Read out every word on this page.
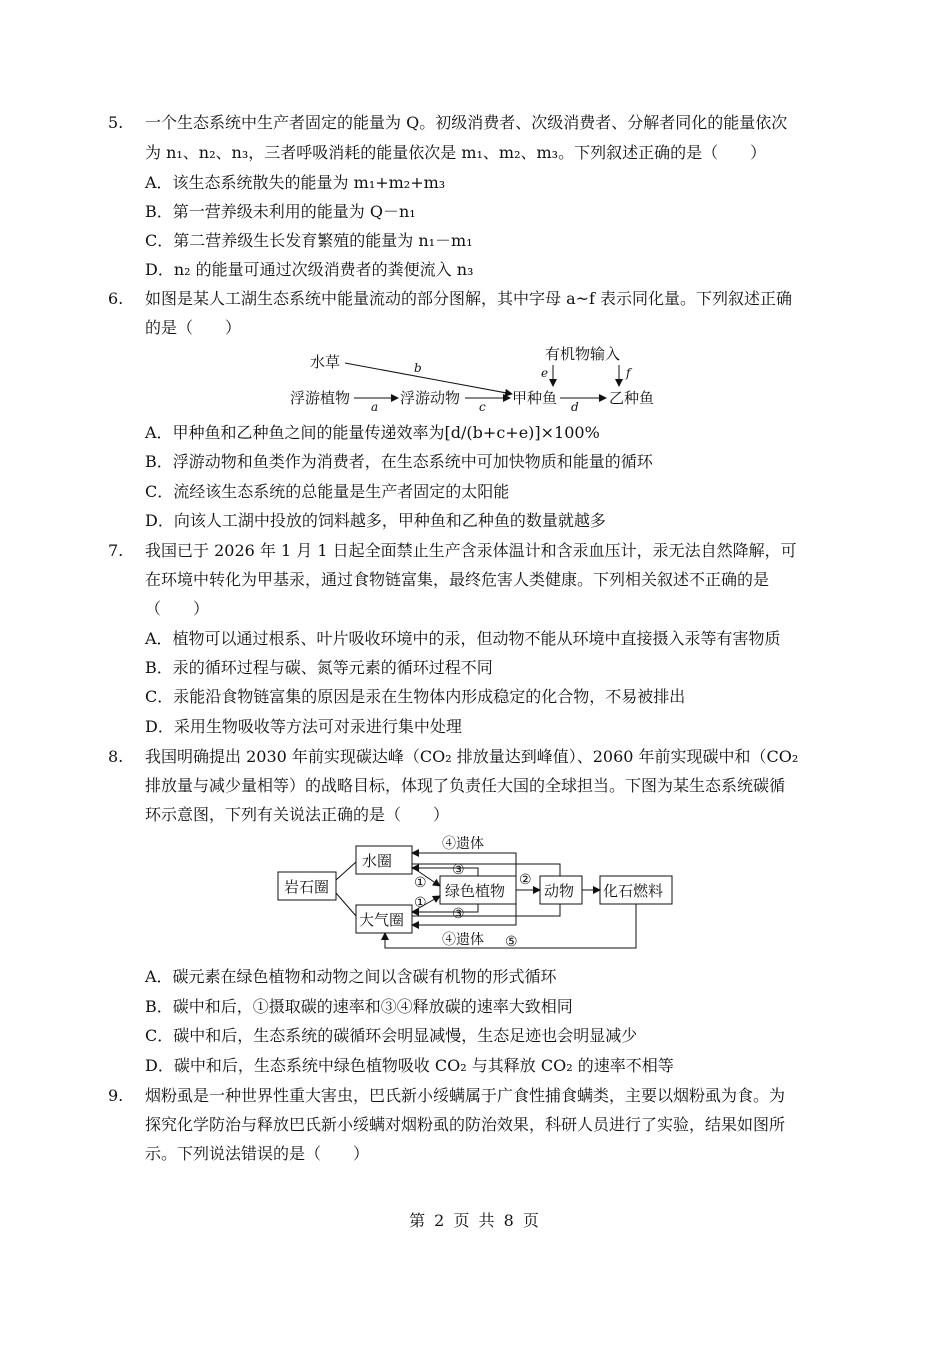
5. 一个生态系统中生产者固定的能量为 Q。初级消费者、次级消费者、分解者同化的能量依次
为 n₁、n₂、n₃，三者呼吸消耗的能量依次是 m₁、m₂、m₃。下列叙述正确的是（　　）
A．该生态系统散失的能量为 m₁+m₂+m₃
B．第一营养级未利用的能量为 Q－n₁
C．第二营养级生长发育繁殖的能量为 n₁－m₁
D．n₂ 的能量可通过次级消费者的粪便流入 n₃
6. 如图是某人工湖生态系统中能量流动的部分图解，其中字母 a~f 表示同化量。下列叙述正确
的是（　　）
水草	有机物输入
浮游植物	浮游动物	甲种鱼	乙种鱼
a
b
c	d
e	f
A．甲种鱼和乙种鱼之间的能量传递效率为[d/(b+c+e)]×100%
B．浮游动物和鱼类作为消费者，在生态系统中可加快物质和能量的循环
C．流经该生态系统的总能量是生产者固定的太阳能
D．向该人工湖中投放的饲料越多，甲种鱼和乙种鱼的数量就越多
7. 我国已于 2026 年 1 月 1 日起全面禁止生产含汞体温计和含汞血压计，汞无法自然降解，可
在环境中转化为甲基汞，通过食物链富集，最终危害人类健康。下列相关叙述不正确的是
（　　）
A．植物可以通过根系、叶片吸收环境中的汞，但动物不能从环境中直接摄入汞等有害物质
B．汞的循环过程与碳、氮等元素的循环过程不同
C．汞能沿食物链富集的原因是汞在生物体内形成稳定的化合物，不易被排出
D．采用生物吸收等方法可对汞进行集中处理
8. 我国明确提出 2030 年前实现碳达峰（CO₂ 排放量达到峰值）、2060 年前实现碳中和（CO₂
排放量与减少量相等）的战略目标，体现了负责任大国的全球担当。下图为某生态系统碳循
环示意图，下列有关说法正确的是（　　）
岩石圈
水圈
大气圈
绿色植物	动物 化石燃料
①
①
③
③
④遗体
④遗体
②
⑤
A．碳元素在绿色植物和动物之间以含碳有机物的形式循环
B．碳中和后，①摄取碳的速率和③④释放碳的速率大致相同
C．碳中和后，生态系统的碳循环会明显减慢，生态足迹也会明显减少
D．碳中和后，生态系统中绿色植物吸收 CO₂ 与其释放 CO₂ 的速率不相等
9. 烟粉虱是一种世界性重大害虫，巴氏新小绥螨属于广食性捕食螨类，主要以烟粉虱为食。为
探究化学防治与释放巴氏新小绥螨对烟粉虱的防治效果，科研人员进行了实验，结果如图所
示。下列说法错误的是（　　）
第 2 页 共 8 页
